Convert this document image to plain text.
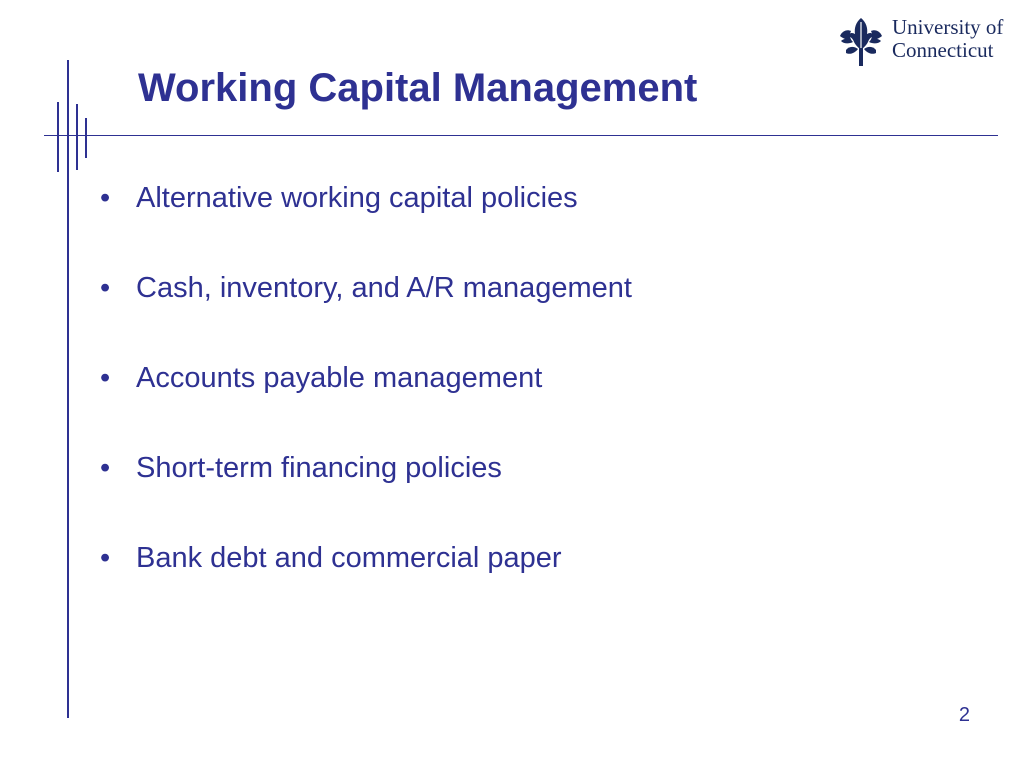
Working Capital Management
University of
Connecticut
• Alternative working capital policies
• Cash, inventory, and A/R management
• Accounts payable management
• Short-term financing policies
• Bank debt and commercial paper
2
